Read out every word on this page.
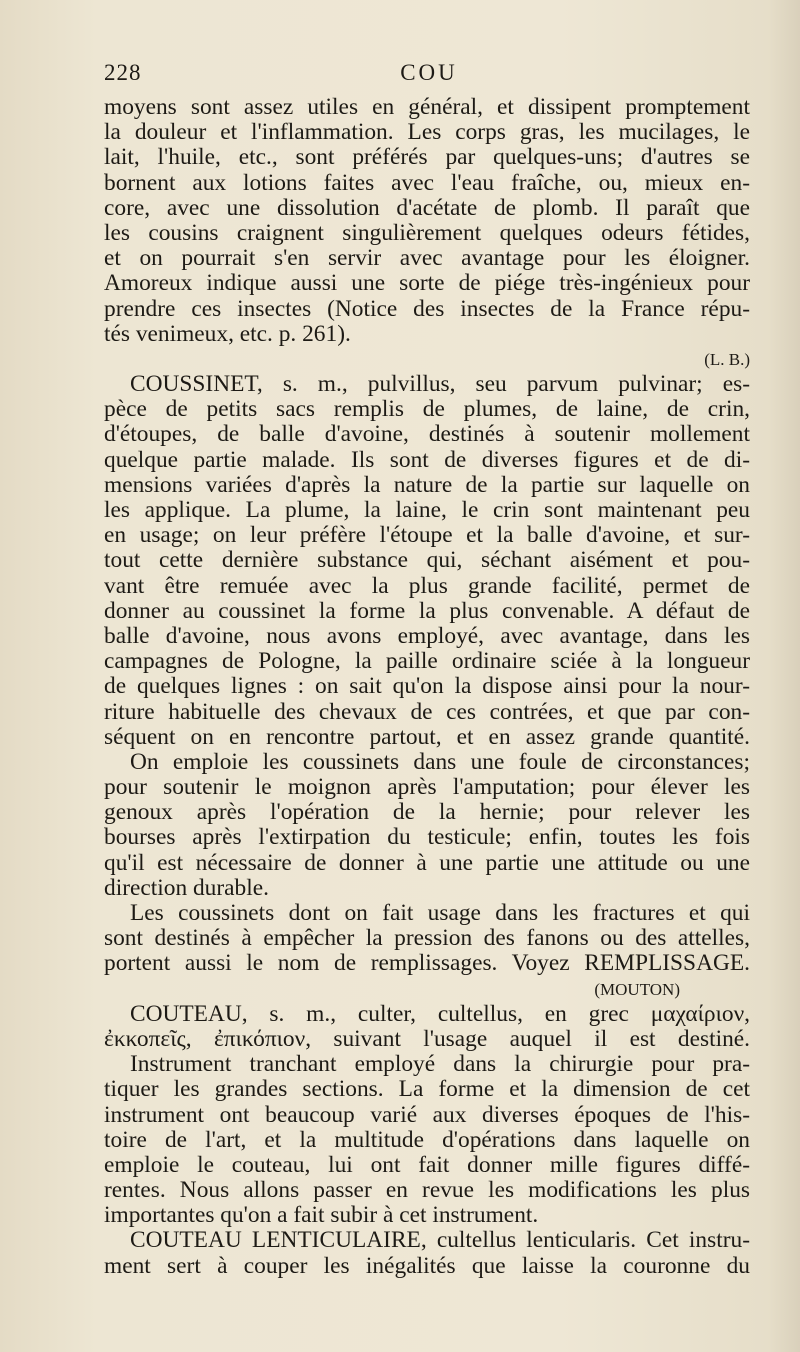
228	COU
moyens sont assez utiles en général, et dissipent promptement
la douleur et l'inflammation. Les corps gras, les mucilages, le
lait, l'huile, etc., sont préférés par quelques-uns; d'autres se
bornent aux lotions faites avec l'eau fraîche, ou, mieux en-
core, avec une dissolution d'acétate de plomb. Il paraît que
les cousins craignent singulièrement quelques odeurs fétides,
et on pourrait s'en servir avec avantage pour les éloigner.
Amoreux indique aussi une sorte de piége très-ingénieux pour
prendre ces insectes (Notice des insectes de la France répu-
tés venimeux, etc. p. 261).
(L. B.)
COUSSINET, s. m., pulvillus, seu parvum pulvinar; es-
pèce de petits sacs remplis de plumes, de laine, de crin,
d'étoupes, de balle d'avoine, destinés à soutenir mollement
quelque partie malade. Ils sont de diverses figures et de di-
mensions variées d'après la nature de la partie sur laquelle on
les applique. La plume, la laine, le crin sont maintenant peu
en usage; on leur préfère l'étoupe et la balle d'avoine, et sur-
tout cette dernière substance qui, séchant aisément et pou-
vant être remuée avec la plus grande facilité, permet de
donner au coussinet la forme la plus convenable. A défaut de
balle d'avoine, nous avons employé, avec avantage, dans les
campagnes de Pologne, la paille ordinaire sciée à la longueur
de quelques lignes : on sait qu'on la dispose ainsi pour la nour-
riture habituelle des chevaux de ces contrées, et que par con-
séquent on en rencontre partout, et en assez grande quantité.
On emploie les coussinets dans une foule de circonstances;
pour soutenir le moignon après l'amputation; pour élever les
genoux après l'opération de la hernie; pour relever les
bourses après l'extirpation du testicule; enfin, toutes les fois
qu'il est nécessaire de donner à une partie une attitude ou une
direction durable.
Les coussinets dont on fait usage dans les fractures et qui
sont destinés à empêcher la pression des fanons ou des attelles,
portent aussi le nom de remplissages. Voyez REMPLISSAGE.
(MOUTON)
COUTEAU, s. m., culter, cultellus, en grec μαχαίριον,
ἐκκοπεῖς, ἐπικόπιον, suivant l'usage auquel il est destiné.
Instrument tranchant employé dans la chirurgie pour pra-
tiquer les grandes sections. La forme et la dimension de cet
instrument ont beaucoup varié aux diverses époques de l'his-
toire de l'art, et la multitude d'opérations dans laquelle on
emploie le couteau, lui ont fait donner mille figures diffé-
rentes. Nous allons passer en revue les modifications les plus
importantes qu'on a fait subir à cet instrument.
COUTEAU LENTICULAIRE, cultellus lenticularis. Cet instru-
ment sert à couper les inégalités que laisse la couronne du
